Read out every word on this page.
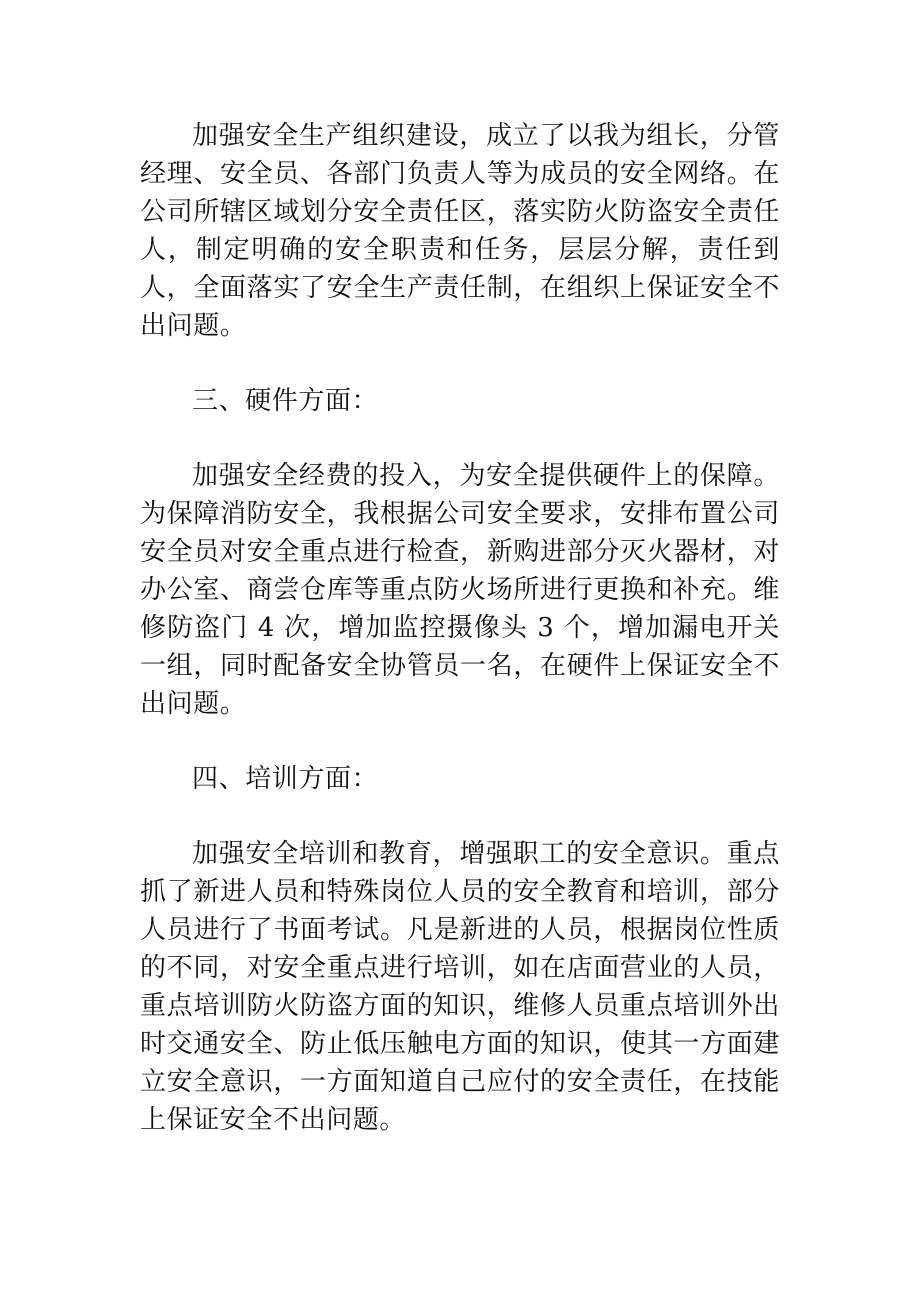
加强安全生产组织建设，成立了以我为组长，分管经理、安全员、各部门负责人等为成员的安全网络。在公司所辖区域划分安全责任区，落实防火防盗安全责任人，制定明确的安全职责和任务，层层分解，责任到人，全面落实了安全生产责任制，在组织上保证安全不出问题。

三、硬件方面：

加强安全经费的投入，为安全提供硬件上的保障。为保障消防安全，我根据公司安全要求，安排布置公司安全员对安全重点进行检查，新购进部分灭火器材，对办公室、商尝仓库等重点防火场所进行更换和补充。维修防盗门 4 次，增加监控摄像头 3 个，增加漏电开关一组，同时配备安全协管员一名，在硬件上保证安全不出问题。

四、培训方面：

加强安全培训和教育，增强职工的安全意识。重点抓了新进人员和特殊岗位人员的安全教育和培训，部分人员进行了书面考试。凡是新进的人员，根据岗位性质的不同，对安全重点进行培训，如在店面营业的人员，重点培训防火防盗方面的知识，维修人员重点培训外出时交通安全、防止低压触电方面的知识，使其一方面建立安全意识，一方面知道自己应付的安全责任，在技能上保证安全不出问题。
